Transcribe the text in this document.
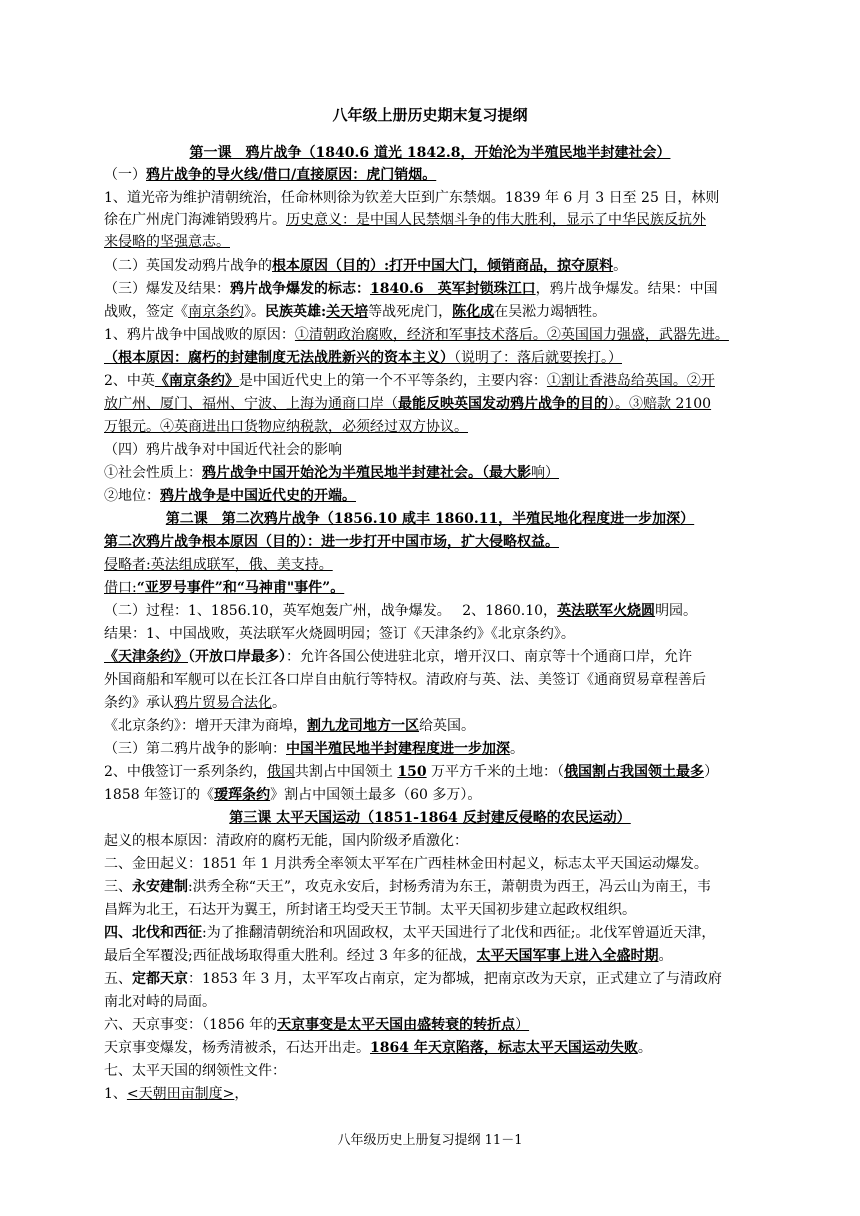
八年级上册历史期末复习提纲
第一课　鸦片战争（1840.6 道光 1842.8，开始沦为半殖民地半封建社会）
（一）鸦片战争的导火线/借口/直接原因：虎门销烟。
1、道光帝为维护清朝统治，任命林则徐为钦差大臣到广东禁烟。1839 年 6 月 3 日至 25 日，林则
徐在广州虎门海滩销毁鸦片。历史意义：是中国人民禁烟斗争的伟大胜利，显示了中华民族反抗外
来侵略的坚强意志。
（二）英国发动鸦片战争的根本原因（目的）:打开中国大门，倾销商品，掠夺原料。
（三）爆发及结果：鸦片战争爆发的标志：1840.6　英军封锁珠江口，鸦片战争爆发。结果：中国
战败，签定《南京条约》。民族英雄:关天培等战死虎门，陈化成在吴淞力竭牺牲。
1、鸦片战争中国战败的原因：①清朝政治腐败，经济和军事技术落后。②英国国力强盛，武器先进。
（根本原因：腐朽的封建制度无法战胜新兴的资本主义）（说明了：落后就要挨打。）
2、中英《南京条约》是中国近代史上的第一个不平等条约，主要内容：①割让香港岛给英国。②开
放广州、厦门、福州、宁波、上海为通商口岸（最能反映英国发动鸦片战争的目的）。③赔款 2100
万银元。④英商进出口货物应纳税款，必须经过双方协议。
（四）鸦片战争对中国近代社会的影响
①社会性质上：鸦片战争中国开始沦为半殖民地半封建社会。（最大影响）
②地位：鸦片战争是中国近代史的开端。
第二课　第二次鸦片战争（1856.10 咸丰 1860.11，半殖民地化程度进一步加深）
第二次鸦片战争根本原因（目的）：进一步打开中国市场，扩大侵略权益。
侵略者:英法组成联军，俄、美支持。
借口:“亚罗号事件”和“马神甫"事件”。
（二）过程：1、1856.10，英军炮轰广州，战争爆发。　 2、1860.10，英法联军火烧圆明园。
结果：1、中国战败，英法联军火烧圆明园；签订《天津条约》《北京条约》。
《天津条约》（开放口岸最多）：允许各国公使进驻北京，增开汉口、南京等十个通商口岸，允许
外国商船和军舰可以在长江各口岸自由航行等特权。清政府与英、法、美签订《通商贸易章程善后
条约》承认鸦片贸易合法化。
《北京条约》：增开天津为商埠，割九龙司地方一区给英国。
（三）第二鸦片战争的影响：中国半殖民地半封建程度进一步加深。
2、中俄签订一系列条约，俄国共割占中国领土 150 万平方千米的土地：（俄国割占我国领土最多）
1858 年签订的《瑷珲条约》割占中国领土最多（60 多万）。
第三课 太平天国运动（1851-1864 反封建反侵略的农民运动）
起义的根本原因：清政府的腐朽无能，国内阶级矛盾激化：
二、金田起义：1851 年 1 月洪秀全率领太平军在广西桂林金田村起义，标志太平天国运动爆发。
三、永安建制:洪秀全称“天王”，攻克永安后，封杨秀清为东王，萧朝贵为西王，冯云山为南王，韦
昌辉为北王，石达开为翼王，所封诸王均受天王节制。太平天国初步建立起政权组织。
四、北伐和西征:为了推翻清朝统治和巩固政权，太平天国进行了北伐和西征;。北伐军曾逼近天津，
最后全军覆没;西征战场取得重大胜利。经过 3 年多的征战，太平天国军事上进入全盛时期。
五、定都天京：1853 年 3 月，太平军攻占南京，定为都城，把南京改为天京，正式建立了与清政府
南北对峙的局面。
六、天京事变：（1856 年的天京事变是太平天国由盛转衰的转折点）
天京事变爆发，杨秀清被杀，石达开出走。1864 年天京陷落，标志太平天国运动失败。
七、太平天国的纲领性文件：
1、<天朝田亩制度>，
八年级历史上册复习提纲 11－1
